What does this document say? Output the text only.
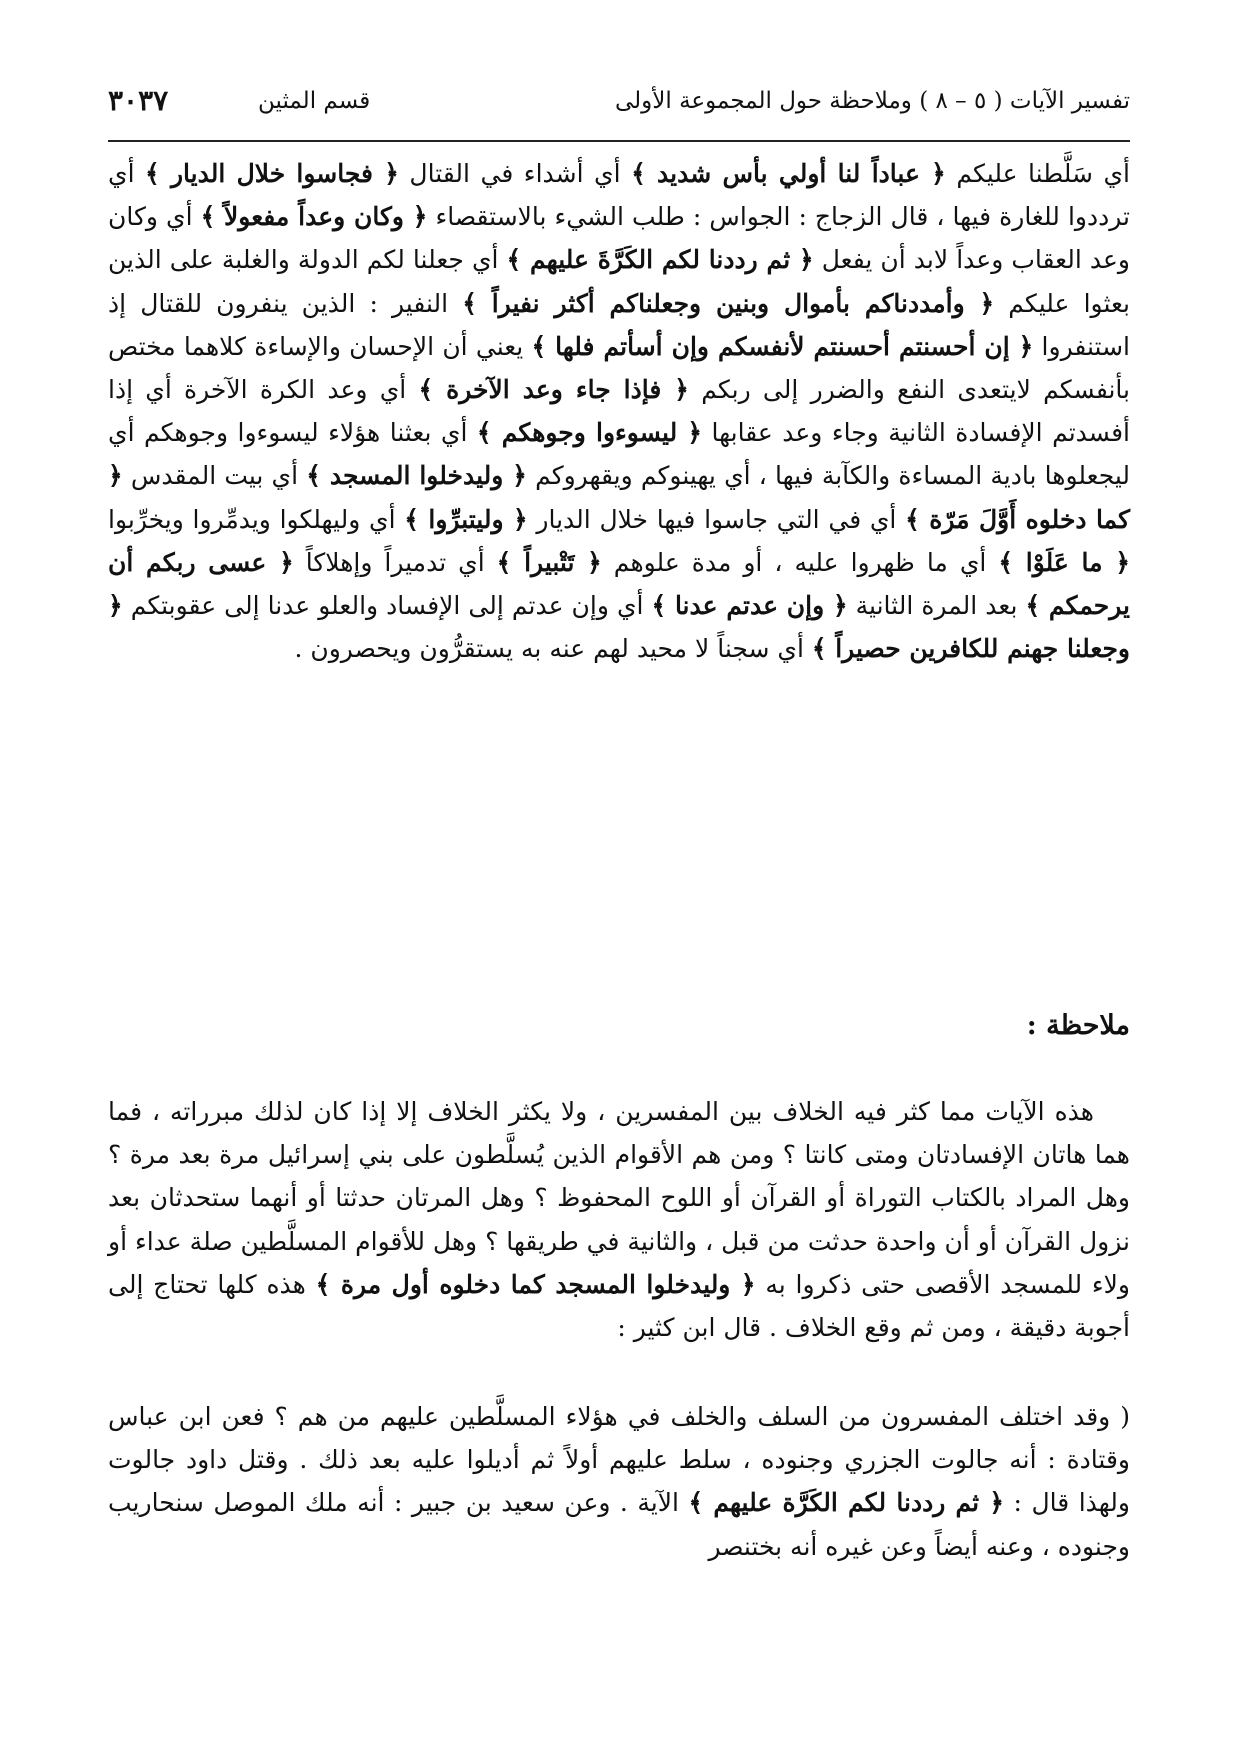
تفسير الآيات ( ٥ – ٨ ) وملاحظة حول المجموعة الأولى
قسم المثين
٣٠٣٧
أي سَلَّطنا عليكم ﴿ عباداً لنا أولي بأس شديد ﴾ أي أشداء في القتال ﴿ فجاسوا خلال الديار ﴾ أي ترددوا للغارة فيها ، قال الزجاج : الجواس : طلب الشيء بالاستقصاء ﴿ وكان وعداً مفعولاً ﴾ أي وكان وعد العقاب وعداً لابد أن يفعل ﴿ ثم رددنا لكم الكَرَّةَ عليهم ﴾ أي جعلنا لكم الدولة والغلبة على الذين بعثوا عليكم ﴿ وأمددناكم بأموال وبنين وجعلناكم أكثر نفيراً ﴾ النفير : الذين ينفرون للقتال إذ استنفروا ﴿ إن أحسنتم أحسنتم لأنفسكم وإن أسأتم فلها ﴾ يعني أن الإحسان والإساءة كلاهما مختص بأنفسكم لايتعدى النفع والضرر إلى ربكم ﴿ فإذا جاء وعد الآخرة ﴾ أي وعد الكرة الآخرة أي إذا أفسدتم الإفسادة الثانية وجاء وعد عقابها ﴿ ليسوءوا وجوهكم ﴾ أي بعثنا هؤلاء ليسوءوا وجوهكم أي ليجعلوها بادية المساءة والكآبة فيها ، أي يهينوكم ويقهروكم ﴿ وليدخلوا المسجد ﴾ أي بيت المقدس ﴿ كما دخلوه أَوَّلَ مَرّة ﴾ أي في التي جاسوا فيها خلال الديار ﴿ وليتبرِّوا ﴾ أي وليهلكوا ويدمِّروا ويخرِّبوا ﴿ ما عَلَوْا ﴾ أي ما ظهروا عليه ، أو مدة علوهم ﴿ تَتْبيراً ﴾ أي تدميراً وإهلاكاً ﴿ عسى ربكم أن يرحمكم ﴾ بعد المرة الثانية ﴿ وإن عدتم عدنا ﴾ أي وإن عدتم إلى الإفساد والعلو عدنا إلى عقوبتكم ﴿ وجعلنا جهنم للكافرين حصيراً ﴾ أي سجناً لا محيد لهم عنه به يستقرُّون ويحصرون .
ملاحظة :
هذه الآيات مما كثر فيه الخلاف بين المفسرين ، ولا يكثر الخلاف إلا إذا كان لذلك مبرراته ، فما هما هاتان الإفسادتان ومتى كانتا ؟ ومن هم الأقوام الذين يُسلَّطون على بني إسرائيل مرة بعد مرة ؟ وهل المراد بالكتاب التوراة أو القرآن أو اللوح المحفوظ ؟ وهل المرتان حدثتا أو أنهما ستحدثان بعد نزول القرآن أو أن واحدة حدثت من قبل ، والثانية في طريقها ؟ وهل للأقوام المسلَّطين صلة عداء أو ولاء للمسجد الأقصى حتى ذكروا به ﴿ وليدخلوا المسجد كما دخلوه أول مرة ﴾ هذه كلها تحتاج إلى أجوبة دقيقة ، ومن ثم وقع الخلاف . قال ابن كثير :
( وقد اختلف المفسرون من السلف والخلف في هؤلاء المسلَّطين عليهم من هم ؟ فعن ابن عباس وقتادة : أنه جالوت الجزري وجنوده ، سلط عليهم أولاً ثم أديلوا عليه بعد ذلك . وقتل داود جالوت ولهذا قال : ﴿ ثم رددنا لكم الكَرَّة عليهم ﴾ الآية . وعن سعيد بن جبير : أنه ملك الموصل سنحاريب وجنوده ، وعنه أيضاً وعن غيره أنه بختنصر
